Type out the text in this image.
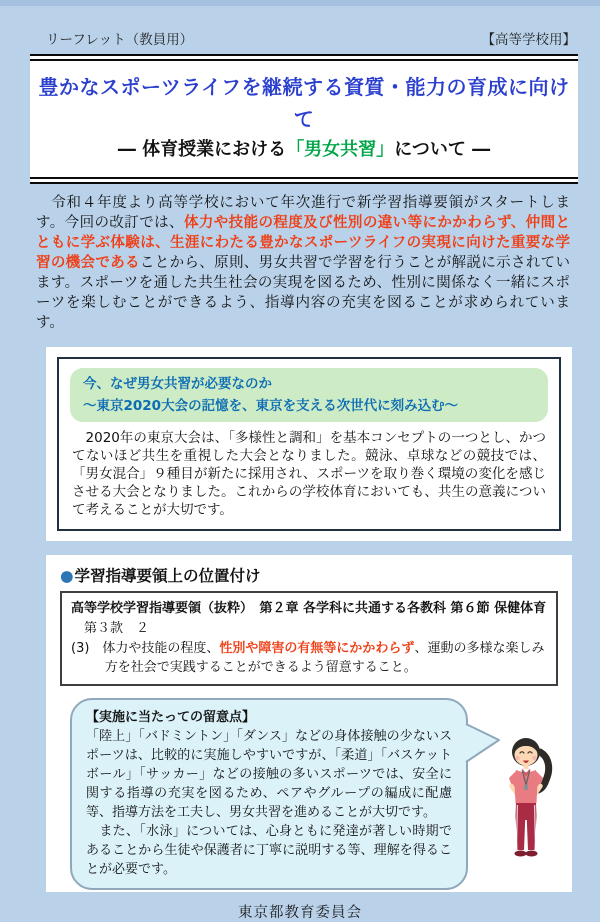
リーフレット（教員用）	【高等学校用】
豊かなスポーツライフを継続する資質・能力の育成に向けて
― 体育授業における「男女共習」について ―

　令和４年度より高等学校において年次進行で新学習指導要領がスタートします。今回の改訂では、体力や技能の程度及び性別の違い等にかかわらず、仲間とともに学ぶ体験は、生涯にわたる豊かなスポーツライフの実現に向けた重要な学習の機会であることから、原則、男女共習で学習を行うことが解説に示されています。スポーツを通した共生社会の実現を図るため、性別に関係なく一緒にスポーツを楽しむことができるよう、指導内容の充実を図ることが求められています。

今、なぜ男女共習が必要なのか
～東京2020大会の記憶を、東京を支える次世代に刻み込む～

　2020年の東京大会は、「多様性と調和」を基本コンセプトの一つとし、かつてないほど共生を重視した大会となりました。競泳、卓球などの競技では、「男女混合」９種目が新たに採用され、スポーツを取り巻く環境の変化を感じさせる大会となりました。これからの学校体育においても、共生の意義について考えることが大切です。

●学習指導要領上の位置付け
高等学校学習指導要領（抜粋）　第２章 各学科に共通する各教科 第６節 保健体育
第３款　２
(3)　体力や技能の程度、性別や障害の有無等にかかわらず、運動の多様な楽しみ方を社会で実践することができるよう留意すること。
【実施に当たっての留意点】

「陸上」「バドミントン」「ダンス」などの身体接触の少ないスポーツは、比較的に実施しやすいですが、「柔道」「バスケットボール」「サッカー」などの接触の多いスポーツでは、安全に関する指導の充実を図るため、ペアやグループの編成に配慮等、指導方法を工夫し、男女共習を進めることが大切です。

　また、「水泳」については、心身ともに発達が著しい時期であることから生徒や保護者に丁寧に説明する等、理解を得ることが必要です。

東京都教育委員会
